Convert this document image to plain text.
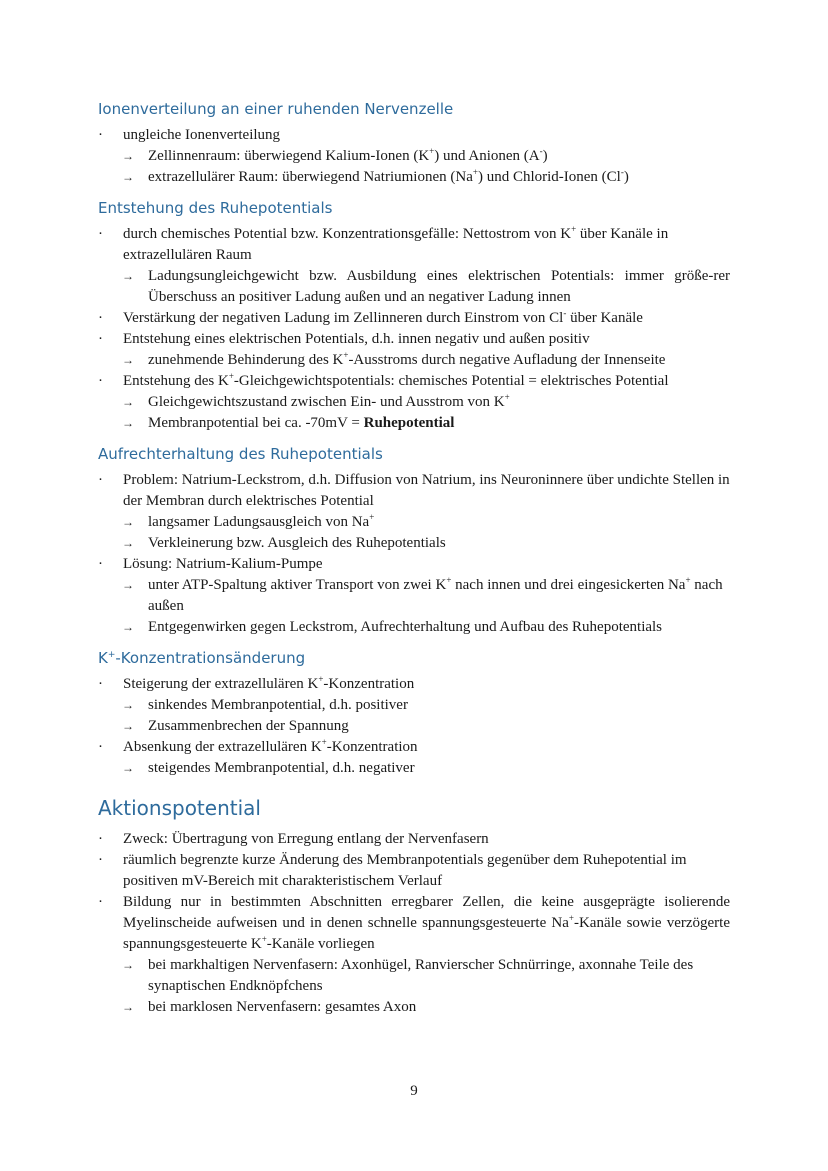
Ionenverteilung an einer ruhenden Nervenzelle
·	ungleiche Ionenverteilung
→ Zellinnenraum: überwiegend Kalium-Ionen (K+) und Anionen (A-)
→ extrazellulärer Raum: überwiegend Natriumionen (Na+) und Chlorid-Ionen (Cl-)
Entstehung des Ruhepotentials
·	durch chemisches Potential bzw. Konzentrationsgefälle: Nettostrom von K+ über Kanäle in extrazellulären Raum
→ Ladungsungleichgewicht bzw. Ausbildung eines elektrischen Potentials: immer größe-rer Überschuss an positiver Ladung außen und an negativer Ladung innen
·	Verstärkung der negativen Ladung im Zellinneren durch Einstrom von Cl- über Kanäle
·	Entstehung eines elektrischen Potentials, d.h. innen negativ und außen positiv
→ zunehmende Behinderung des K+-Ausstroms durch negative Aufladung der Innenseite
·	Entstehung des K+-Gleichgewichtspotentials: chemisches Potential = elektrisches Potential
→ Gleichgewichtszustand zwischen Ein- und Ausstrom von K+
→ Membranpotential bei ca. -70mV = Ruhepotential
Aufrechterhaltung des Ruhepotentials
·	Problem: Natrium-Leckstrom, d.h. Diffusion von Natrium, ins Neuroninnere über undichte Stellen in der Membran durch elektrisches Potential
→ langsamer Ladungsausgleich von Na+
→ Verkleinerung bzw. Ausgleich des Ruhepotentials
·	Lösung: Natrium-Kalium-Pumpe
→ unter ATP-Spaltung aktiver Transport von zwei K+ nach innen und drei eingesickerten Na+ nach außen
→ Entgegenwirken gegen Leckstrom, Aufrechterhaltung und Aufbau des Ruhepotentials
K+-Konzentrationsänderung
·	Steigerung der extrazellulären K+-Konzentration
→ sinkendes Membranpotential, d.h. positiver
→ Zusammenbrechen der Spannung
·	Absenkung der extrazellulären K+-Konzentration
→ steigendes Membranpotential, d.h. negativer
Aktionspotential
·	Zweck: Übertragung von Erregung entlang der Nervenfasern
·	räumlich begrenzte kurze Änderung des Membranpotentials gegenüber dem Ruhepotential im positiven mV-Bereich mit charakteristischem Verlauf
·	Bildung nur in bestimmten Abschnitten erregbarer Zellen, die keine ausgeprägte isolierende Myelinscheide aufweisen und in denen schnelle spannungsgesteuerte Na+-Kanäle sowie verzögerte spannungsgesteuerte K+-Kanäle vorliegen
→ bei markhaltigen Nervenfasern: Axonhügel, Ranvierscher Schnürringe, axonnahe Teile des synaptischen Endknöpfchens
→ bei marklosen Nervenfasern: gesamtes Axon
9
